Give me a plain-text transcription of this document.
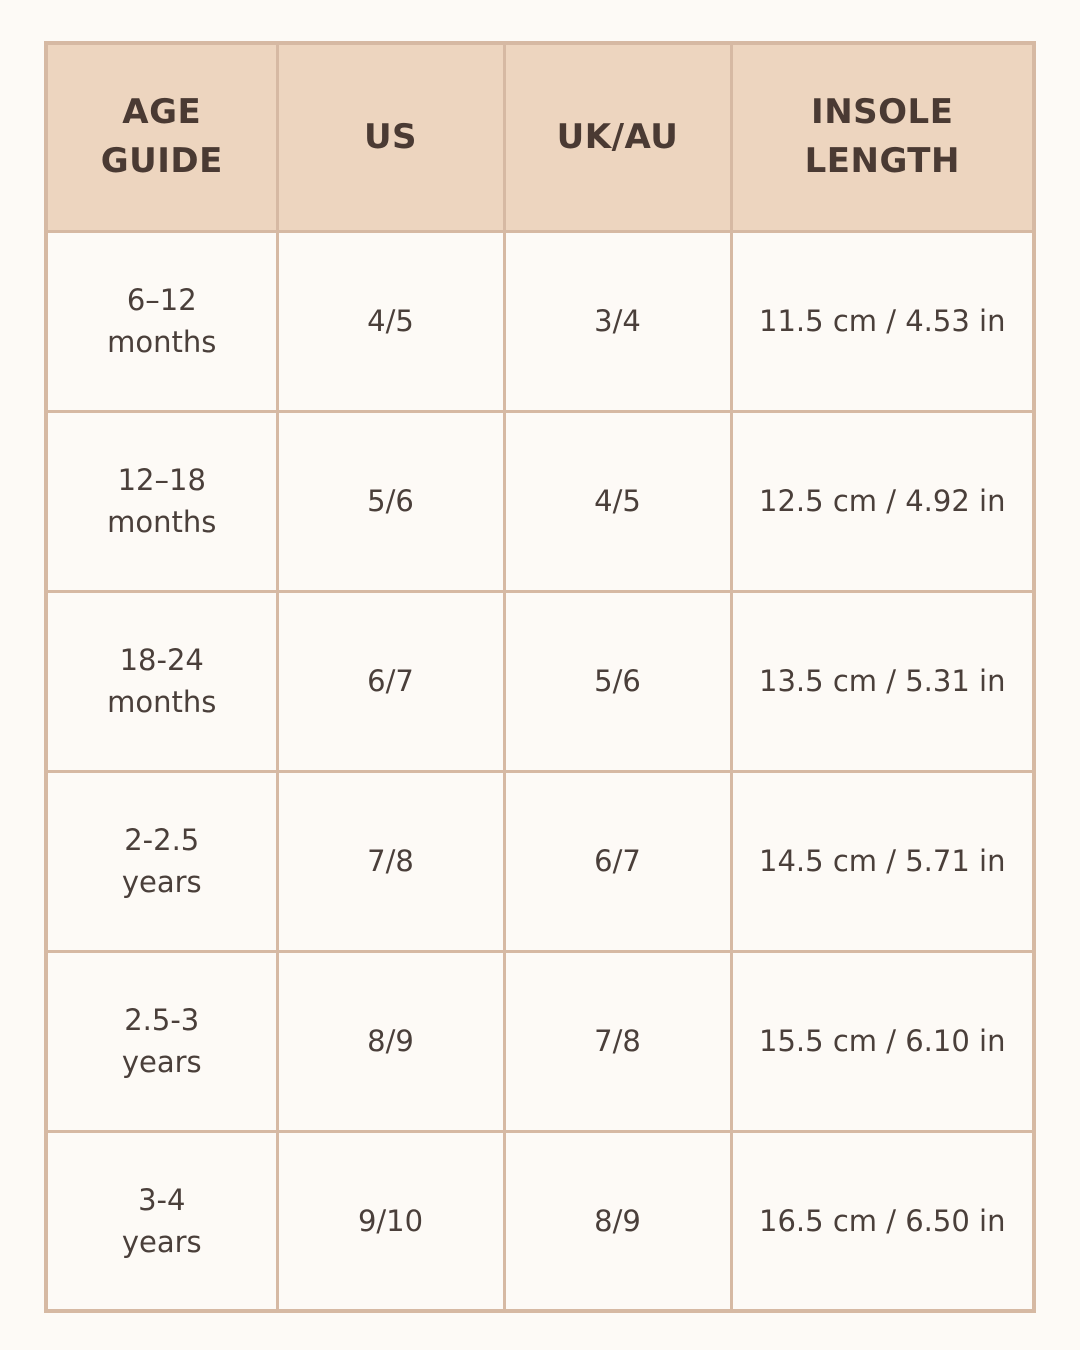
AGE
GUIDE	US	UK/AU	INSOLE
LENGTH

6–12
months	4/5	3/4	11.5 cm / 4.53 in

12–18
months	5/6	4/5	12.5 cm / 4.92 in

18-24
months	6/7	5/6	13.5 cm / 5.31 in

2-2.5
years	7/8	6/7	14.5 cm / 5.71 in

2.5-3
years	8/9	7/8	15.5 cm / 6.10 in

3-4
years	9/10	8/9	16.5 cm / 6.50 in
